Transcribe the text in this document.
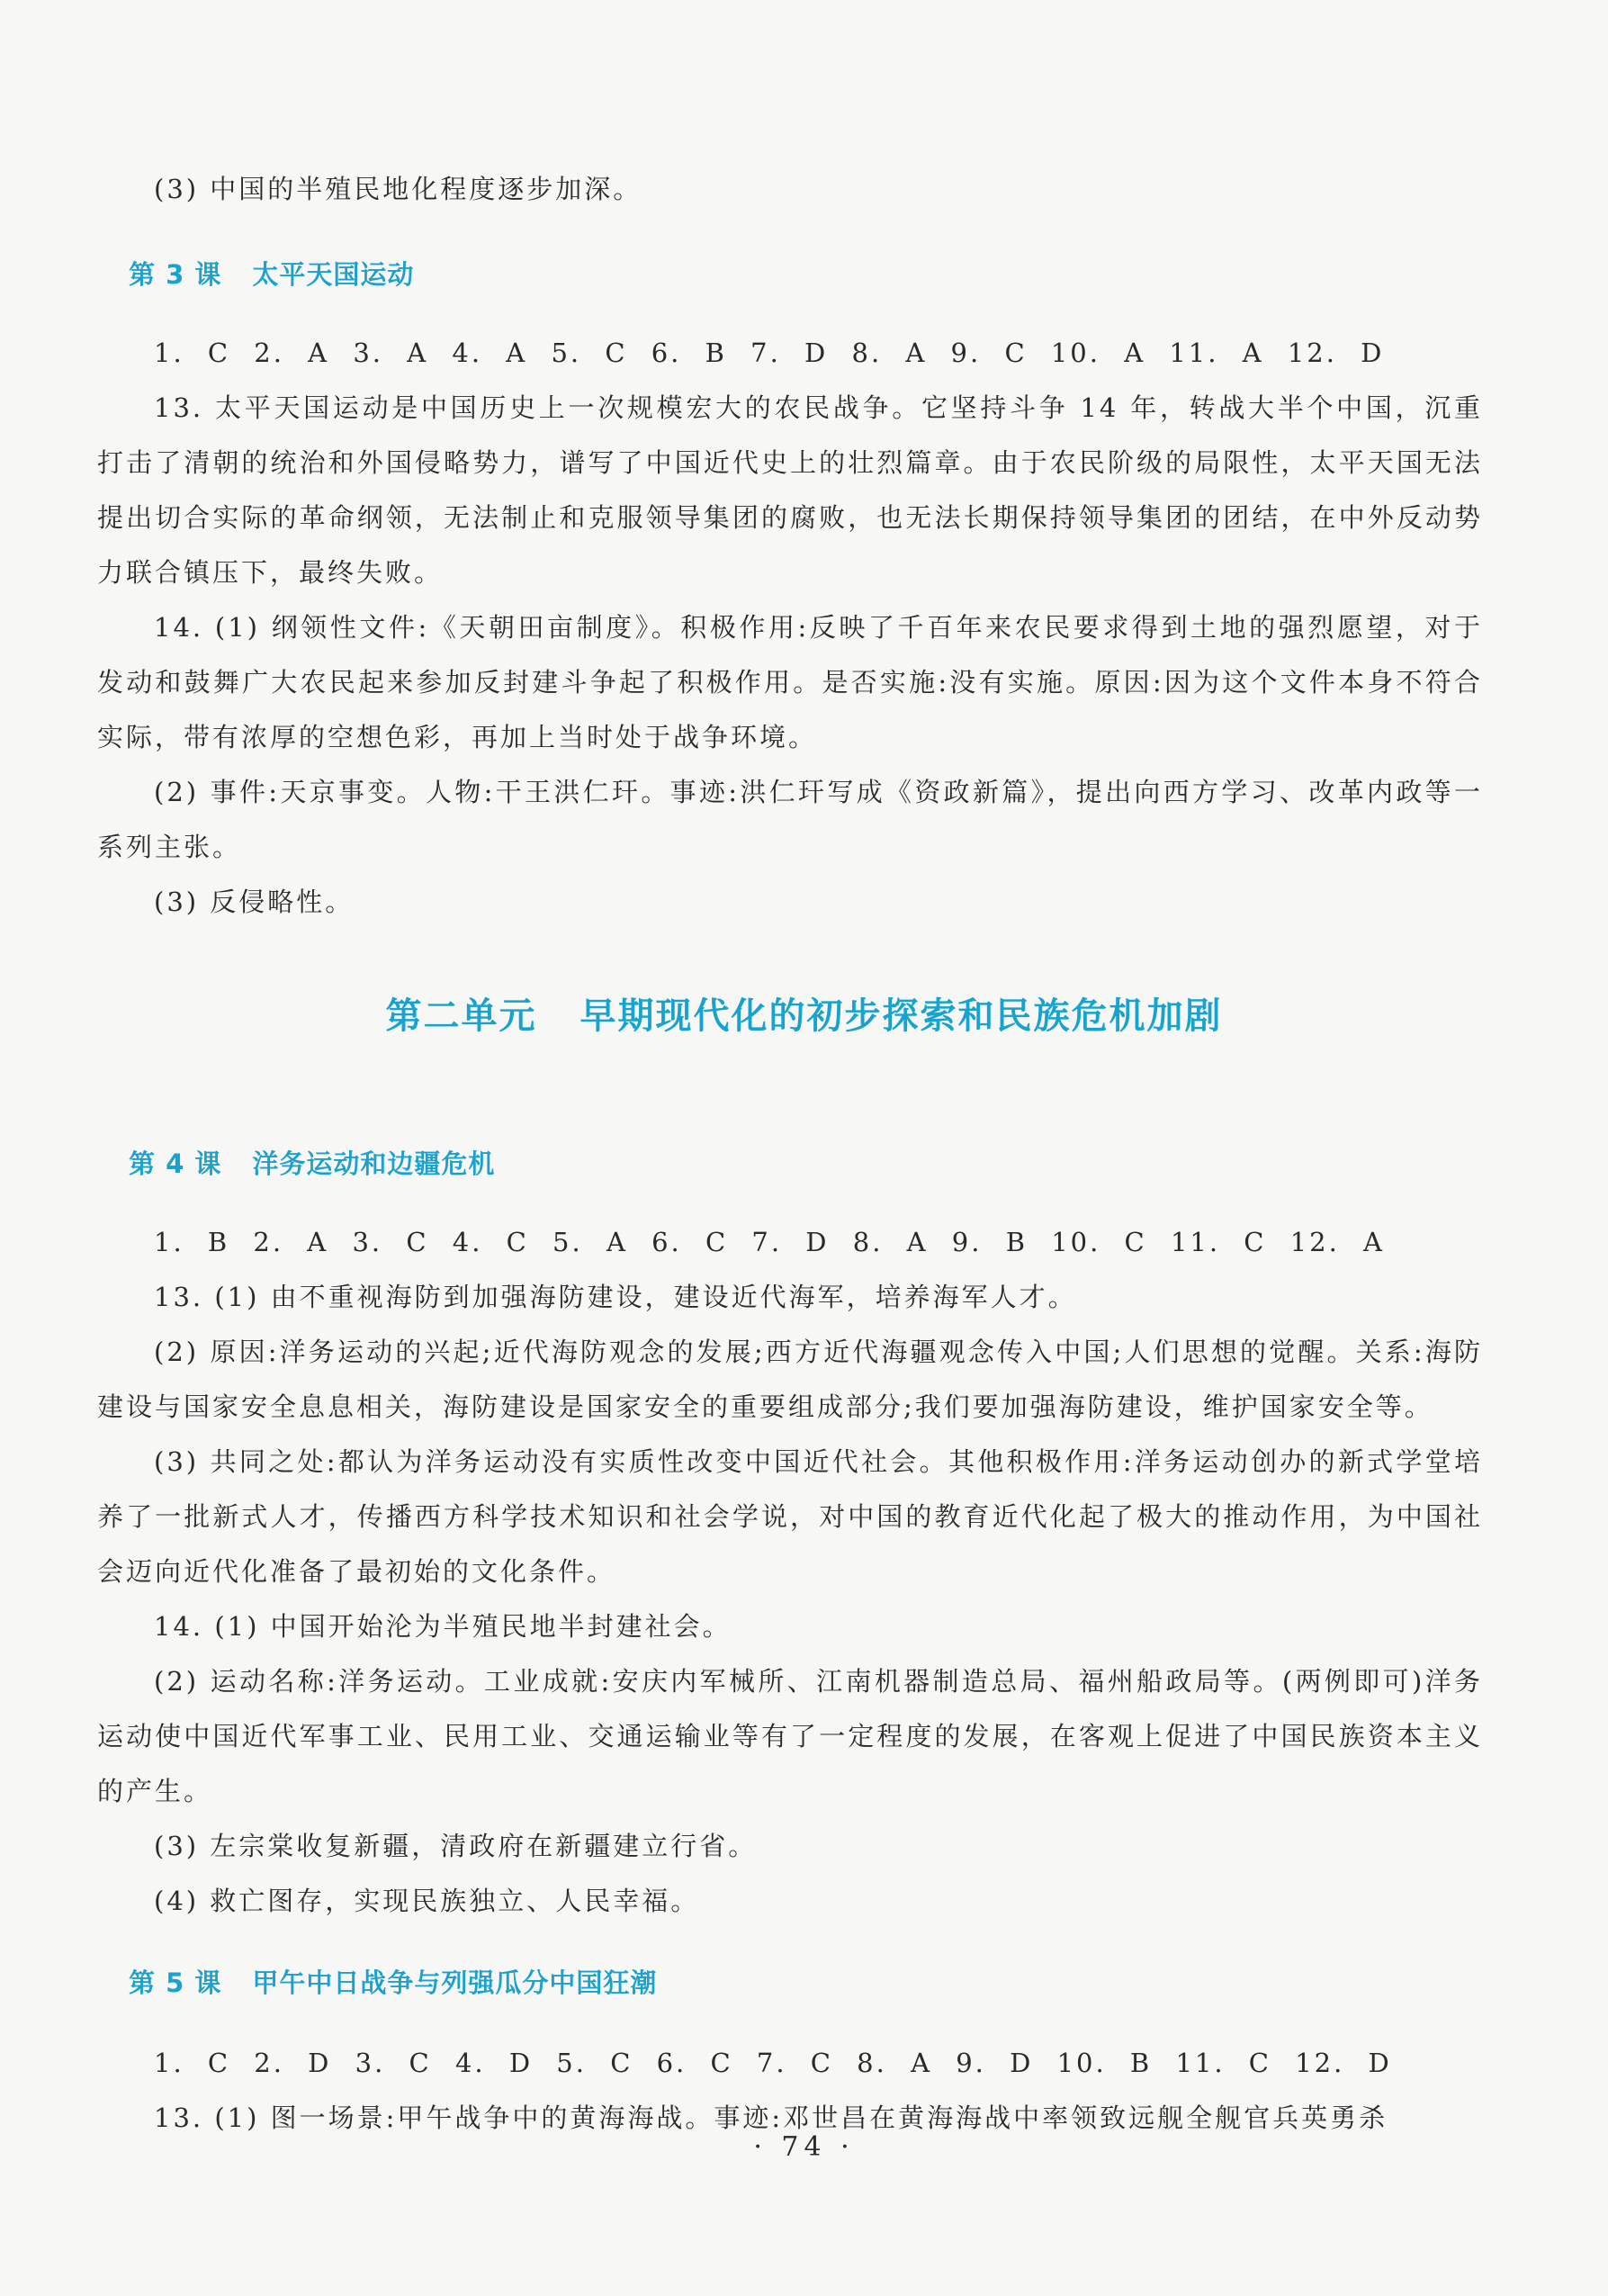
(3) 中国的半殖民地化程度逐步加深。

第 3 课 太平天国运动

1. C 2. A 3. A 4. A 5. C 6. B 7. D 8. A 9. C 10. A 11. A 12. D

13. 太平天国运动是中国历史上一次规模宏大的农民战争。它坚持斗争 14 年，转战大半个中国，沉重打击了清朝的统治和外国侵略势力，谱写了中国近代史上的壮烈篇章。由于农民阶级的局限性，太平天国无法提出切合实际的革命纲领，无法制止和克服领导集团的腐败，也无法长期保持领导集团的团结，在中外反动势力联合镇压下，最终失败。

14. (1) 纲领性文件:《天朝田亩制度》。积极作用:反映了千百年来农民要求得到土地的强烈愿望，对于发动和鼓舞广大农民起来参加反封建斗争起了积极作用。是否实施:没有实施。原因:因为这个文件本身不符合实际，带有浓厚的空想色彩，再加上当时处于战争环境。

(2) 事件:天京事变。人物:干王洪仁玕。事迹:洪仁玕写成《资政新篇》，提出向西方学习、改革内政等一系列主张。

(3) 反侵略性。

第二单元 早期现代化的初步探索和民族危机加剧
第 4 课 洋务运动和边疆危机

1. B 2. A 3. C 4. C 5. A 6. C 7. D 8. A 9. B 10. C 11. C 12. A

13. (1) 由不重视海防到加强海防建设，建设近代海军，培养海军人才。

(2) 原因:洋务运动的兴起;近代海防观念的发展;西方近代海疆观念传入中国;人们思想的觉醒。关系:海防建设与国家安全息息相关，海防建设是国家安全的重要组成部分;我们要加强海防建设，维护国家安全等。

(3) 共同之处:都认为洋务运动没有实质性改变中国近代社会。其他积极作用:洋务运动创办的新式学堂培养了一批新式人才，传播西方科学技术知识和社会学说，对中国的教育近代化起了极大的推动作用，为中国社会迈向近代化准备了最初始的文化条件。

14. (1) 中国开始沦为半殖民地半封建社会。

(2) 运动名称:洋务运动。工业成就:安庆内军械所、江南机器制造总局、福州船政局等。(两例即可)洋务运动使中国近代军事工业、民用工业、交通运输业等有了一定程度的发展，在客观上促进了中国民族资本主义的产生。

(3) 左宗棠收复新疆，清政府在新疆建立行省。

(4) 救亡图存，实现民族独立、人民幸福。

第 5 课 甲午中日战争与列强瓜分中国狂潮

1. C 2. D 3. C 4. D 5. C 6. C 7. C 8. A 9. D 10. B 11. C 12. D

13. (1) 图一场景:甲午战争中的黄海海战。事迹:邓世昌在黄海海战中率领致远舰全舰官兵英勇杀

· 74 ·
